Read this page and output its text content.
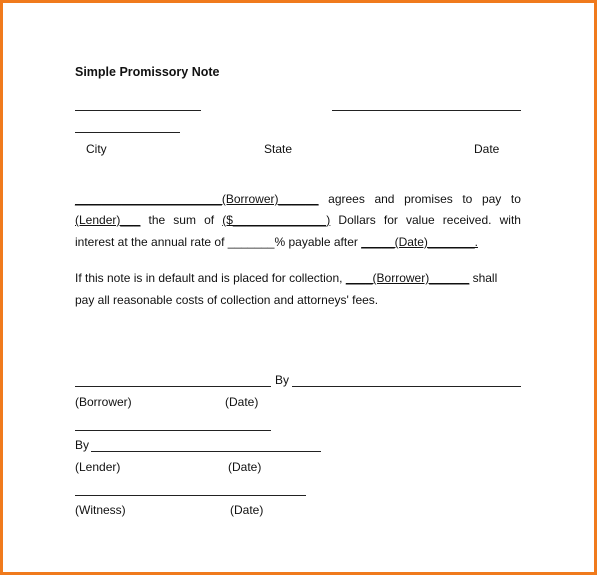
Simple Promissory Note
City	State	Date
______________________(Borrower)______ agrees and promises to pay to
(Lender)___ the sum of ($______________) Dollars for value received. with
interest at the annual rate of _______% payable after _____(Date)_______.
If this note is in default and is placed for collection, ____(Borrower)______ shall
pay all reasonable costs of collection and attorneys' fees.
By
(Borrower)	(Date)
By
(Lender)	(Date)
(Witness)	(Date)
